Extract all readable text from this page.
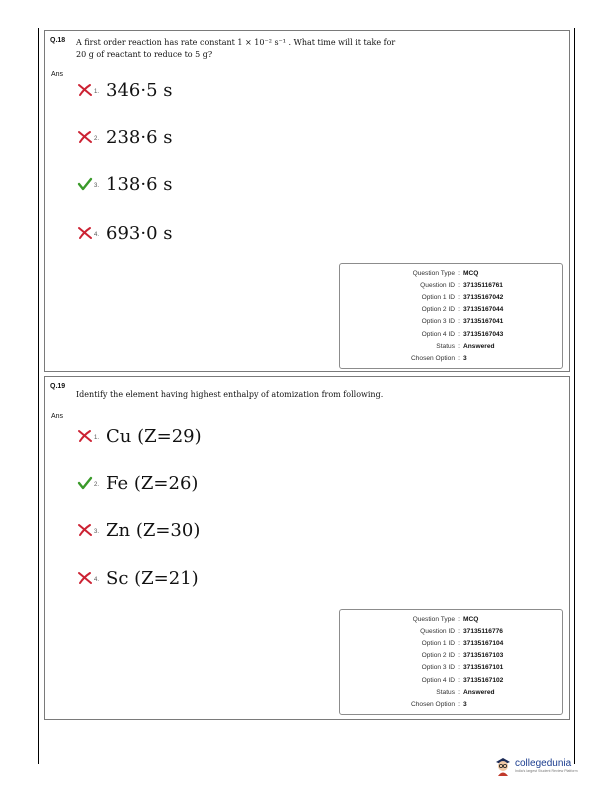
Q.18 A first order reaction has rate constant 1 × 10⁻² s⁻¹ . What time will it take for
20 g of reactant to reduce to 5 g?
Ans
1. 346·5 s
2. 238·6 s
3. 138·6 s
4. 693·0 s
Question Type : MCQ
Question ID : 37135116761
Option 1 ID : 37135167042
Option 2 ID : 37135167044
Option 3 ID : 37135167041
Option 4 ID : 37135167043
Status : Answered
Chosen Option : 3
Q.19
Identify the element having highest enthalpy of atomization from following.
Ans
1. Cu (Z=29)
2. Fe (Z=26)
3. Zn (Z=30)
4. Sc (Z=21)
Question Type : MCQ
Question ID : 37135116776
Option 1 ID : 37135167104
Option 2 ID : 37135167103
Option 3 ID : 37135167101
Option 4 ID : 37135167102
Status : Answered
Chosen Option : 3
collegedunia
India's largest Student Review Platform
